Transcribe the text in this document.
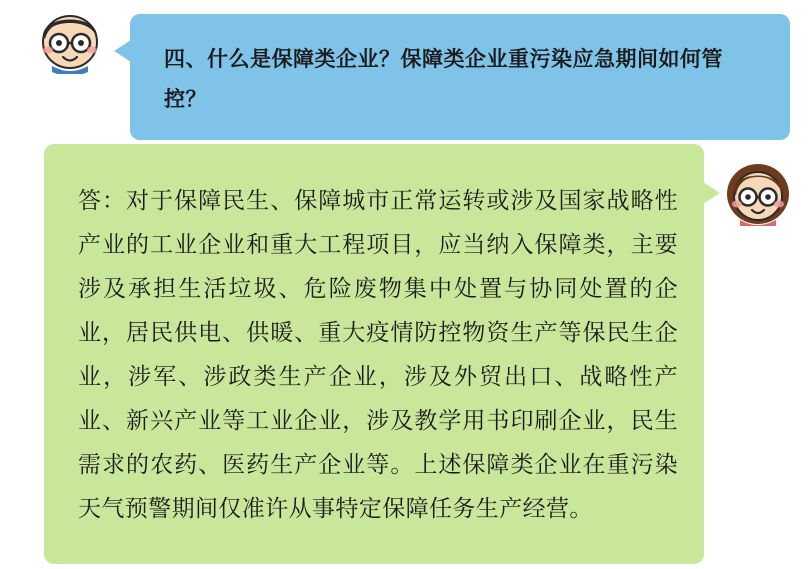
四、什么是保障类企业？保障类企业重污染应急期间如何管控？
答：对于保障民生、保障城市正常运转或涉及国家战略性产业的工业企业和重大工程项目，应当纳入保障类，主要涉及承担生活垃圾、危险废物集中处置与协同处置的企业，居民供电、供暖、重大疫情防控物资生产等保民生企业，涉军、涉政类生产企业，涉及外贸出口、战略性产业、新兴产业等工业企业，涉及教学用书印刷企业，民生需求的农药、医药生产企业等。上述保障类企业在重污染天气预警期间仅准许从事特定保障任务生产经营。
